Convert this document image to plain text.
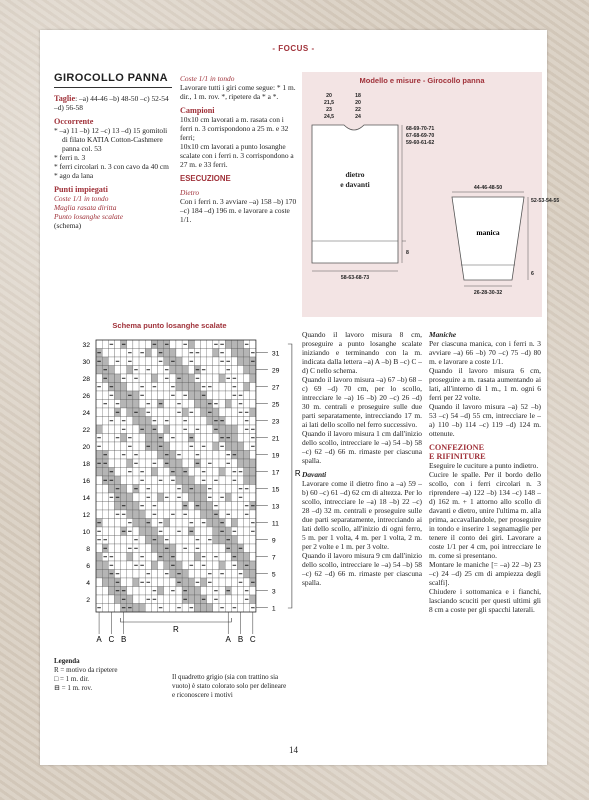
- FOCUS -
GIROCOLLO PANNA
Taglie: –a) 44-46 –b) 48-50 –c) 52-54 –d) 56-58
Occorrente
* –a) 11 –b) 12 –c) 13 –d) 15 gomitoli di filato KATIA Cotton-Cashmere panna col. 53
* ferri n. 3
* ferri circolari n. 3 con cavo da 40 cm
* ago da lana
Punti impiegati
Coste 1/1 in tondo
Maglia rasata diritta
Punto losanghe scalate
(schema)
Coste 1/1 in tondo
Lavorare tutti i giri come segue: * 1 m. dir., 1 m. rov. *, ripetere da * a *.
Campioni
10x10 cm lavorati a m. rasata con i ferri n. 3 corrispondono a 25 m. e 32 ferri;
10x10 cm lavorati a punto losanghe scalate con i ferri n. 3 corrispondono a 27 m. e 33 ferri.
ESECUZIONE
Dietro
Con i ferri n. 3 avviare –a) 158 –b) 170 –c) 184 –d) 196 m. e lavorare a coste 1/1.
Modello e misure - Girocollo panna
20
21,5
23
24,5
18
20
22
24
68-69-70-71
67-68-69-70
59-60-61-62
8
58-63-68-73
dietro
e davanti	44-46-48-50
52-53-54-55
6
26-28-30-32
manica
Schema punto losanghe scalate
32
30
28
26
24
22
20
18
16
14
12
10
8
6
4
2
31
29
27
25
23
21
19
17
15
13
11
9
7
5
3
1
R
R
A C B	A B C
Legenda
R = motivo da ripetere
□ = 1 m. dir.
⊟ = 1 m. rov.
Il quadretto grigio (sia con trattino sia vuoto) è stato colorato solo per delineare e riconoscere i motivi
Quando il lavoro misura 8 cm, proseguire a punto losanghe scalate iniziando e terminando con la m. indicata dalla lettera –a) A –b) B –c) C –d) C nello schema.
Quando il lavoro misura –a) 67 –b) 68 –c) 69 –d) 70 cm, per lo scollo, intrecciare le –a) 16 –b) 20 –c) 26 –d) 30 m. centrali e proseguire sulle due parti separatamente, intrecciando 17 m. ai lati dello scollo nel ferro successivo.
Quando il lavoro misura 1 cm dall'inizio dello scollo, intrecciare le –a) 54 –b) 58 –c) 62 –d) 66 m. rimaste per ciascuna spalla.
Davanti
Lavorare come il dietro fino a –a) 59 –b) 60 –c) 61 –d) 62 cm di altezza. Per lo scollo, intrecciare le –a) 18 –b) 22 –c) 28 –d) 32 m. centrali e proseguire sulle due parti separatamente, intrecciando ai lati dello scollo, all'inizio di ogni ferro, 5 m. per 1 volta, 4 m. per 1 volta, 2 m. per 2 volte e 1 m. per 3 volte.
Quando il lavoro misura 9 cm dall'inizio dello scollo, intrecciare le –a) 54 –b) 58 –c) 62 –d) 66 m. rimaste per ciascuna spalla.
Maniche
Per ciascuna manica, con i ferri n. 3 avviare –a) 66 –b) 70 –c) 75 –d) 80 m. e lavorare a coste 1/1.
Quando il lavoro misura 6 cm, proseguire a m. rasata aumentando ai lati, all'interno di 1 m., 1 m. ogni 6 ferri per 22 volte.
Quando il lavoro misura –a) 52 –b) 53 –c) 54 –d) 55 cm, intrecciare le –a) 110 –b) 114 –c) 119 –d) 124 m. ottenute.
CONFEZIONE
E RIFINITURE
Eseguire le cuciture a punto indietro.
Cucire le spalle. Per il bordo dello scollo, con i ferri circolari n. 3 riprendere –a) 122 –b) 134 –c) 148 –d) 162 m. + 1 attorno allo scollo di davanti e dietro, unire l'ultima m. alla prima, accavallandole, per proseguire in tondo e inserire 1 segnamaglie per tenere il conto dei giri. Lavorare a coste 1/1 per 4 cm, poi intrecciare le m. come si presentano.
Montare le maniche [= –a) 22 –b) 23 –c) 24 –d) 25 cm di ampiezza degli scalfi].
Chiudere i sottomanica e i fianchi, lasciando scuciti per questi ultimi gli 8 cm a coste per gli spacchi laterali.
14
